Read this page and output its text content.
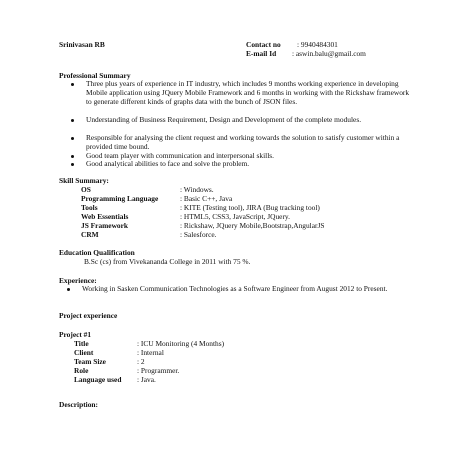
Srinivasan RB	Contact no : 9940484301
E-mail Id : aswin.balu@gmail.com
Professional Summary
Three plus years of experience in IT industry, which includes 9 months working experience in developing Mobile application using JQuery Mobile Framework and 6 months in working with the Rickshaw framework to generate different kinds of graphs data with the bunch of JSON files.
Understanding of Business Requirement, Design and Development of the complete modules.
Responsible for analysing the client request and working towards the solution to satisfy customer within a provided time bound.
Good team player with communication and interpersonal skills.
Good analytical abilities to face and solve the problem.
Skill Summary:
OS	: Windows.
Programming Language	: Basic C++, Java
Tools	: KITE (Testing tool), JIRA (Bug tracking tool)
Web Essentials	: HTML5, CSS3, JavaScript, JQuery.
JS Framework	: Rickshaw, JQuery Mobile,Bootstrap,AngularJS
CRM	: Salesforce.
Education Qualification
B.Sc (cs) from Vivekananda College in 2011 with 75 %.
Experience:
Working in Sasken Communication Technologies as a Software Engineer from August 2012 to Present.
Project experience
Project #1
Title	: ICU Monitoring (4 Months)
Client	: Internal
Team Size	: 2
Role	: Programmer.
Language used : Java.
Description:
